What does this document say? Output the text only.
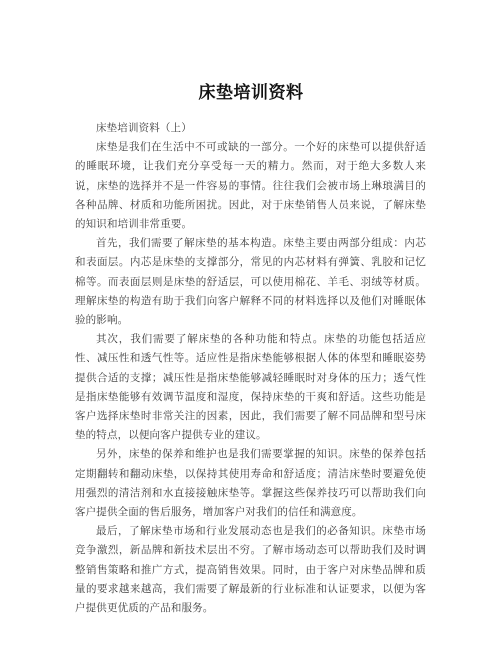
床垫培训资料

床垫培训资料（上）

床垫是我们在生活中不可或缺的一部分。一个好的床垫可以提供舒适的睡眠环境，让我们充分享受每一天的精力。然而，对于绝大多数人来说，床垫的选择并不是一件容易的事情。往往我们会被市场上琳琅满目的各种品牌、材质和功能所困扰。因此，对于床垫销售人员来说，了解床垫的知识和培训非常重要。

首先，我们需要了解床垫的基本构造。床垫主要由两部分组成：内芯和表面层。内芯是床垫的支撑部分，常见的内芯材料有弹簧、乳胶和记忆棉等。而表面层则是床垫的舒适层，可以使用棉花、羊毛、羽绒等材质。理解床垫的构造有助于我们向客户解释不同的材料选择以及他们对睡眠体验的影响。

其次，我们需要了解床垫的各种功能和特点。床垫的功能包括适应性、减压性和透气性等。适应性是指床垫能够根据人体的体型和睡眠姿势提供合适的支撑；减压性是指床垫能够减轻睡眠时对身体的压力；透气性是指床垫能够有效调节温度和湿度，保持床垫的干爽和舒适。这些功能是客户选择床垫时非常关注的因素，因此，我们需要了解不同品牌和型号床垫的特点，以便向客户提供专业的建议。

另外，床垫的保养和维护也是我们需要掌握的知识。床垫的保养包括定期翻转和翻动床垫，以保持其使用寿命和舒适度；清洁床垫时要避免使用强烈的清洁剂和水直接接触床垫等。掌握这些保养技巧可以帮助我们向客户提供全面的售后服务，增加客户对我们的信任和满意度。

最后，了解床垫市场和行业发展动态也是我们的必备知识。床垫市场竞争激烈，新品牌和新技术层出不穷。了解市场动态可以帮助我们及时调整销售策略和推广方式，提高销售效果。同时，由于客户对床垫品牌和质量的要求越来越高，我们需要了解最新的行业标准和认证要求，以便为客户提供更优质的产品和服务。
